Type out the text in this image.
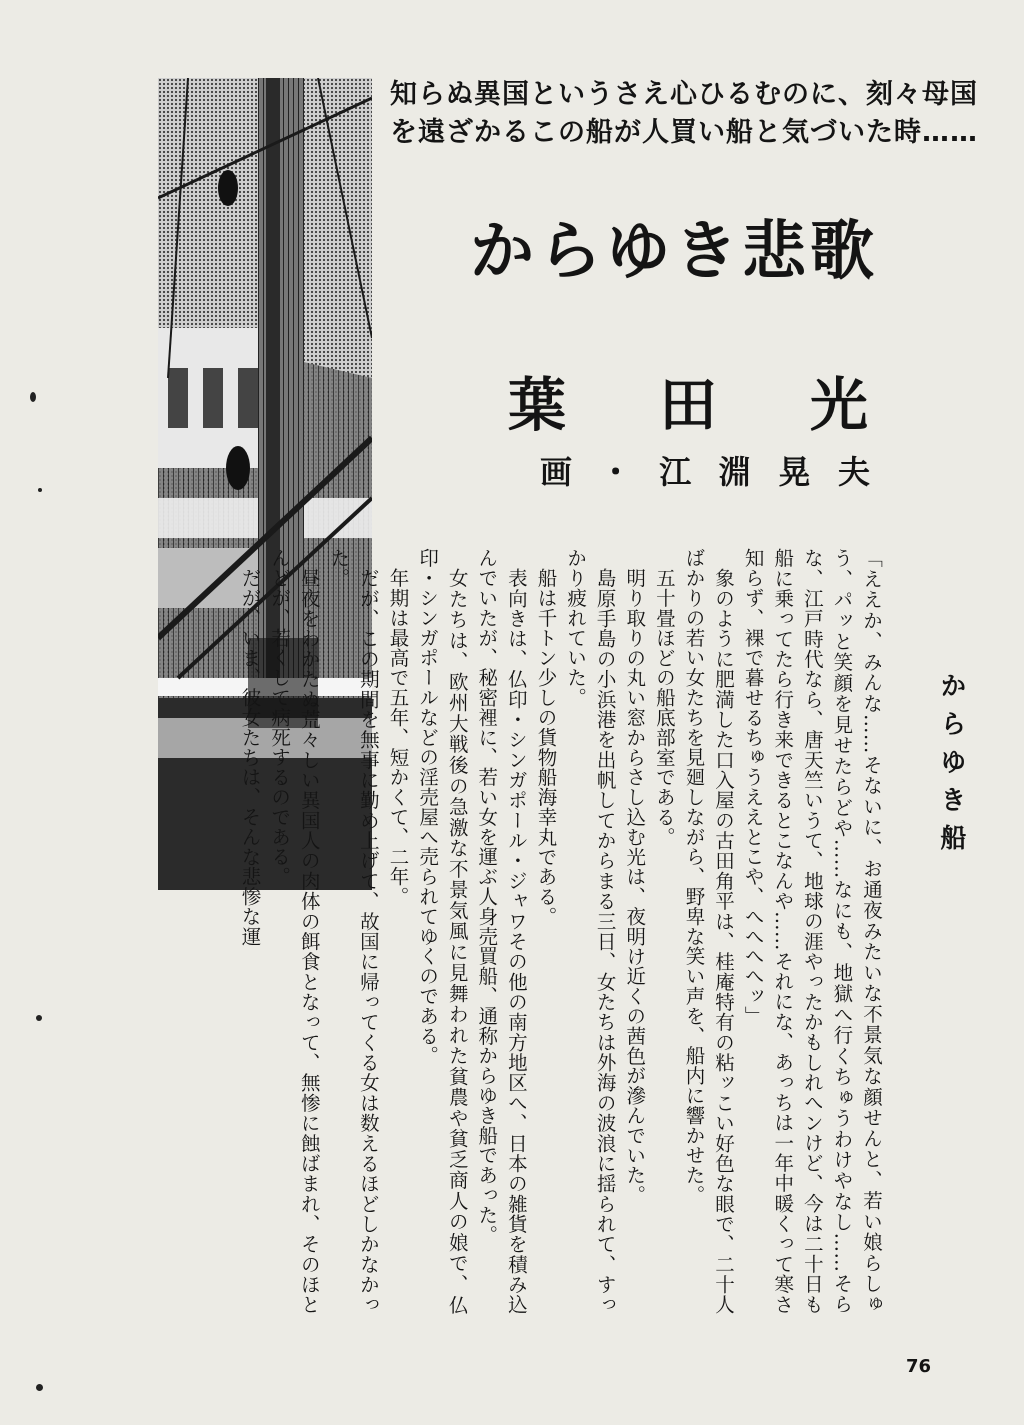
知らぬ異国というさえ心ひるむのに、刻々母国
を遠ざかるこの船が人買い船と気づいた時……
からゆき悲歌
葉 田 光
画 ・ 江 淵 晃 夫
からゆき船

「ええか、みんな……そないに、お通夜みたいな不景気な顔せんと、若い娘らしゅう、パッと笑顔を見せたらどや……なにも、地獄へ行くちゅうわけやなし……そらな、江戸時代なら、唐天竺いうて、地球の涯やったかもしれへンけど、今は二十日も船に乗ってたら行き来できるとこなんや……それにな、あっちは一年中暖くって寒さ知らず、裸で暮せるちゅうええとこや、へへへへッ」

象のように肥満した口入屋の古田角平は、桂庵特有の粘ッこい好色な眼で、二十人ばかりの若い女たちを見廻しながら、野卑な笑い声を、船内に響かせた。

五十畳ほどの船底部室である。

明り取りの丸い窓からさし込む光は、夜明け近くの茜色が滲んでいた。

島原手島の小浜港を出帆してからまる三日、女たちは外海の波浪に揺られて、すっかり疲れていた。

船は千トン少しの貨物船海幸丸である。

表向きは、仏印・シンガポール・ジャワその他の南方地区へ、日本の雑貨を積み込んでいたが、秘密裡に、若い女を運ぶ人身売買船、通称からゆき船であった。

女たちは、欧州大戦後の急激な不景気風に見舞われた貧農や貧乏商人の娘で、仏印・シンガポールなどの淫売屋へ売られてゆくのである。

年期は最高で五年、短かくて、二年。

だが、この期間を無事に勤め上げて、故国に帰ってくる女は数えるほどしかなかった。

昼夜をわかたぬ荒々しい異国人の肉体の餌食となって、無惨に蝕ばまれ、そのほとんどが、若くして病死するのである。

だが、いま、彼女たちは、そんな悲惨な運

76
